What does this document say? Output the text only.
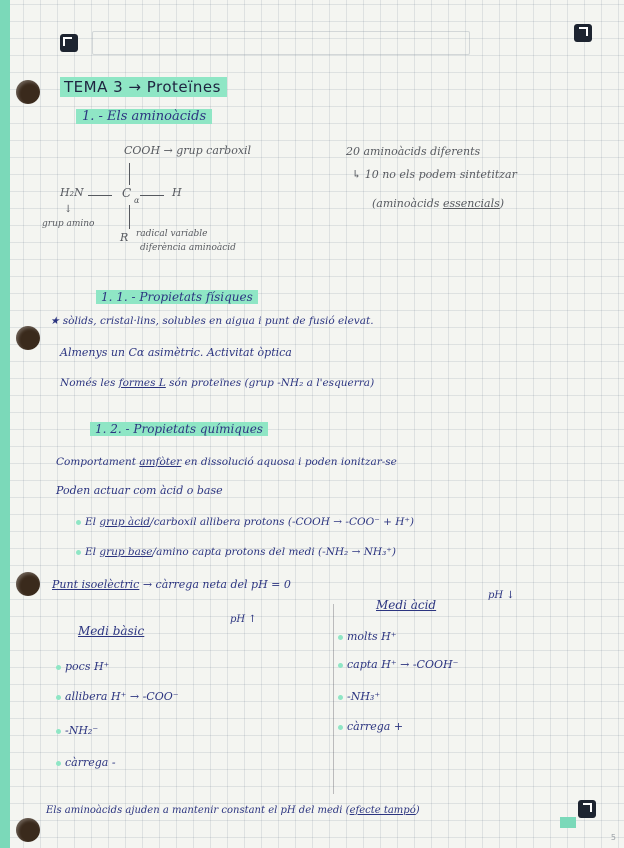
TEMA 3 → Proteïnes
1. - Els aminoàcids
COOH → grup carboxil
H₂N	C
α
H
↓
grup amino
R radical variable
diferència aminoàcid
20 aminoàcids diferents
↳ 10 no els podem sintetitzar
(aminoàcids essencials)
1. 1. - Propietats físiques
★ sòlids, cristal·lins, solubles en aigua i punt de fusió elevat.
Almenys un Cα asimètric. Activitat òptica
Només les formes L són proteïnes (grup -NH₂ a l'esquerra)
1. 2. - Propietats químiques
Comportament amfòter en dissolució aquosa i poden ionitzar-se
Poden actuar com àcid o base
El grup àcid/carboxil allibera protons (-COOH → -COO⁻ + H⁺)
El grup base/amino capta protons del medi (-NH₂ → NH₃⁺)
Punt isoelèctric → càrrega neta del pH = 0
Medi bàsic
pH ↑
pocs H⁺
allibera H⁺ → -COO⁻
-NH₂⁻
càrrega -
Medi àcid
pH ↓
molts H⁺
capta H⁺ → -COOH⁻
-NH₃⁺
càrrega +
Els aminoàcids ajuden a mantenir constant el pH del medi (efecte tampó)
5
